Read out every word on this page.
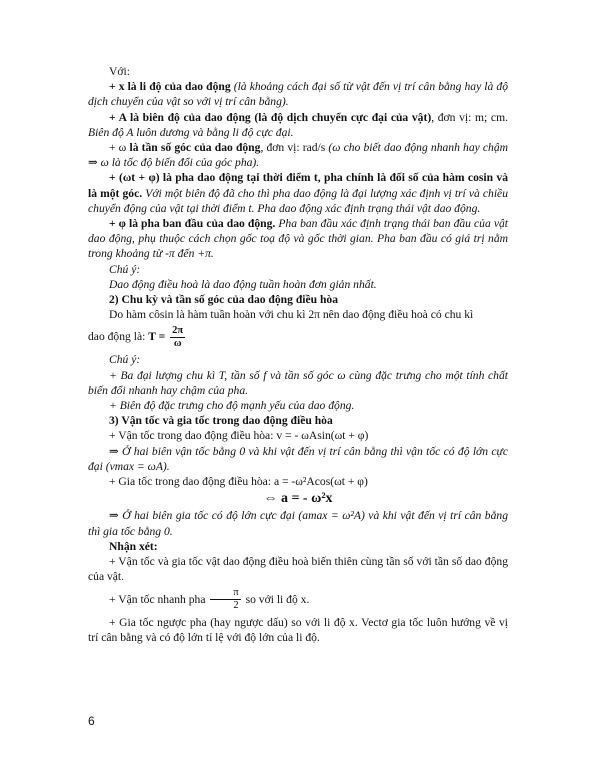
Với:

+ x là li độ của dao động (là khoảng cách đại số từ vật đến vị trí cân bằng hay là độ dịch chuyển của vật so với vị trí cân bằng).

+ A là biên độ của dao động (là độ dịch chuyển cực đại của vật), đơn vị: m; cm. Biên độ A luôn dương và bằng li độ cực đại.

+ ω là tần số góc của dao động, đơn vị: rad/s (ω cho biết dao động nhanh hay chậm ⇒ ω là tốc độ biến đổi của góc pha).

+ (ωt + φ) là pha dao động tại thời điểm t, pha chính là đối số của hàm cosin và là một góc. Với một biên độ đã cho thì pha dao động là đại lượng xác định vị trí và chiều chuyển động của vật tại thời điểm t. Pha dao động xác định trạng thái vật dao động.

+ φ là pha ban đầu của dao động. Pha ban đầu xác định trạng thái ban đầu của vật dao động, phụ thuộc cách chọn gốc toạ độ và gốc thời gian. Pha ban đầu có giá trị nằm trong khoảng từ -π đến +π.

Chú ý:

Dao động điều hoà là dao động tuần hoàn đơn giản nhất.

2) Chu kỳ và tần số góc của dao động điều hòa

Do hàm côsin là hàm tuần hoàn với chu kì 2π nên dao động điều hoà có chu kì

dao động là: $T = \frac{2\pi}{\omega}$

Chú ý:

+ Ba đại lượng chu kì T, tần số f và tần số góc ω cùng đặc trưng cho một tính chất biến đổi nhanh hay chậm của pha.

+ Biên độ đặc trưng cho độ mạnh yếu của dao động.

3) Vận tốc và gia tốc trong dao động điều hòa

+ Vận tốc trong dao động điều hòa: v = - ωAsin(ωt + φ)

⇒ Ở hai biên vận tốc bằng 0 và khi vật đến vị trí cân bằng thì vận tốc có độ lớn cực đại (vmax = ωA).

+ Gia tốc trong dao động điều hòa: a = -ω²Acos(ωt + φ)

⇔ a = - ω²x

⇒ Ở hai biên gia tốc có độ lớn cực đại (amax = ω²A) và khi vật đến vị trí cân bằng thì gia tốc bằng 0.

Nhận xét:

+ Vận tốc và gia tốc vật dao động điều hoà biến thiên cùng tần số với tần số dao động của vật.

+ Vận tốc nhanh pha $\frac{\pi}{2}$ so với li độ x.

+ Gia tốc ngược pha (hay ngược dấu) so với li độ x. Vectơ gia tốc luôn hướng về vị trí cân bằng và có độ lớn tỉ lệ với độ lớn của li độ.

6
